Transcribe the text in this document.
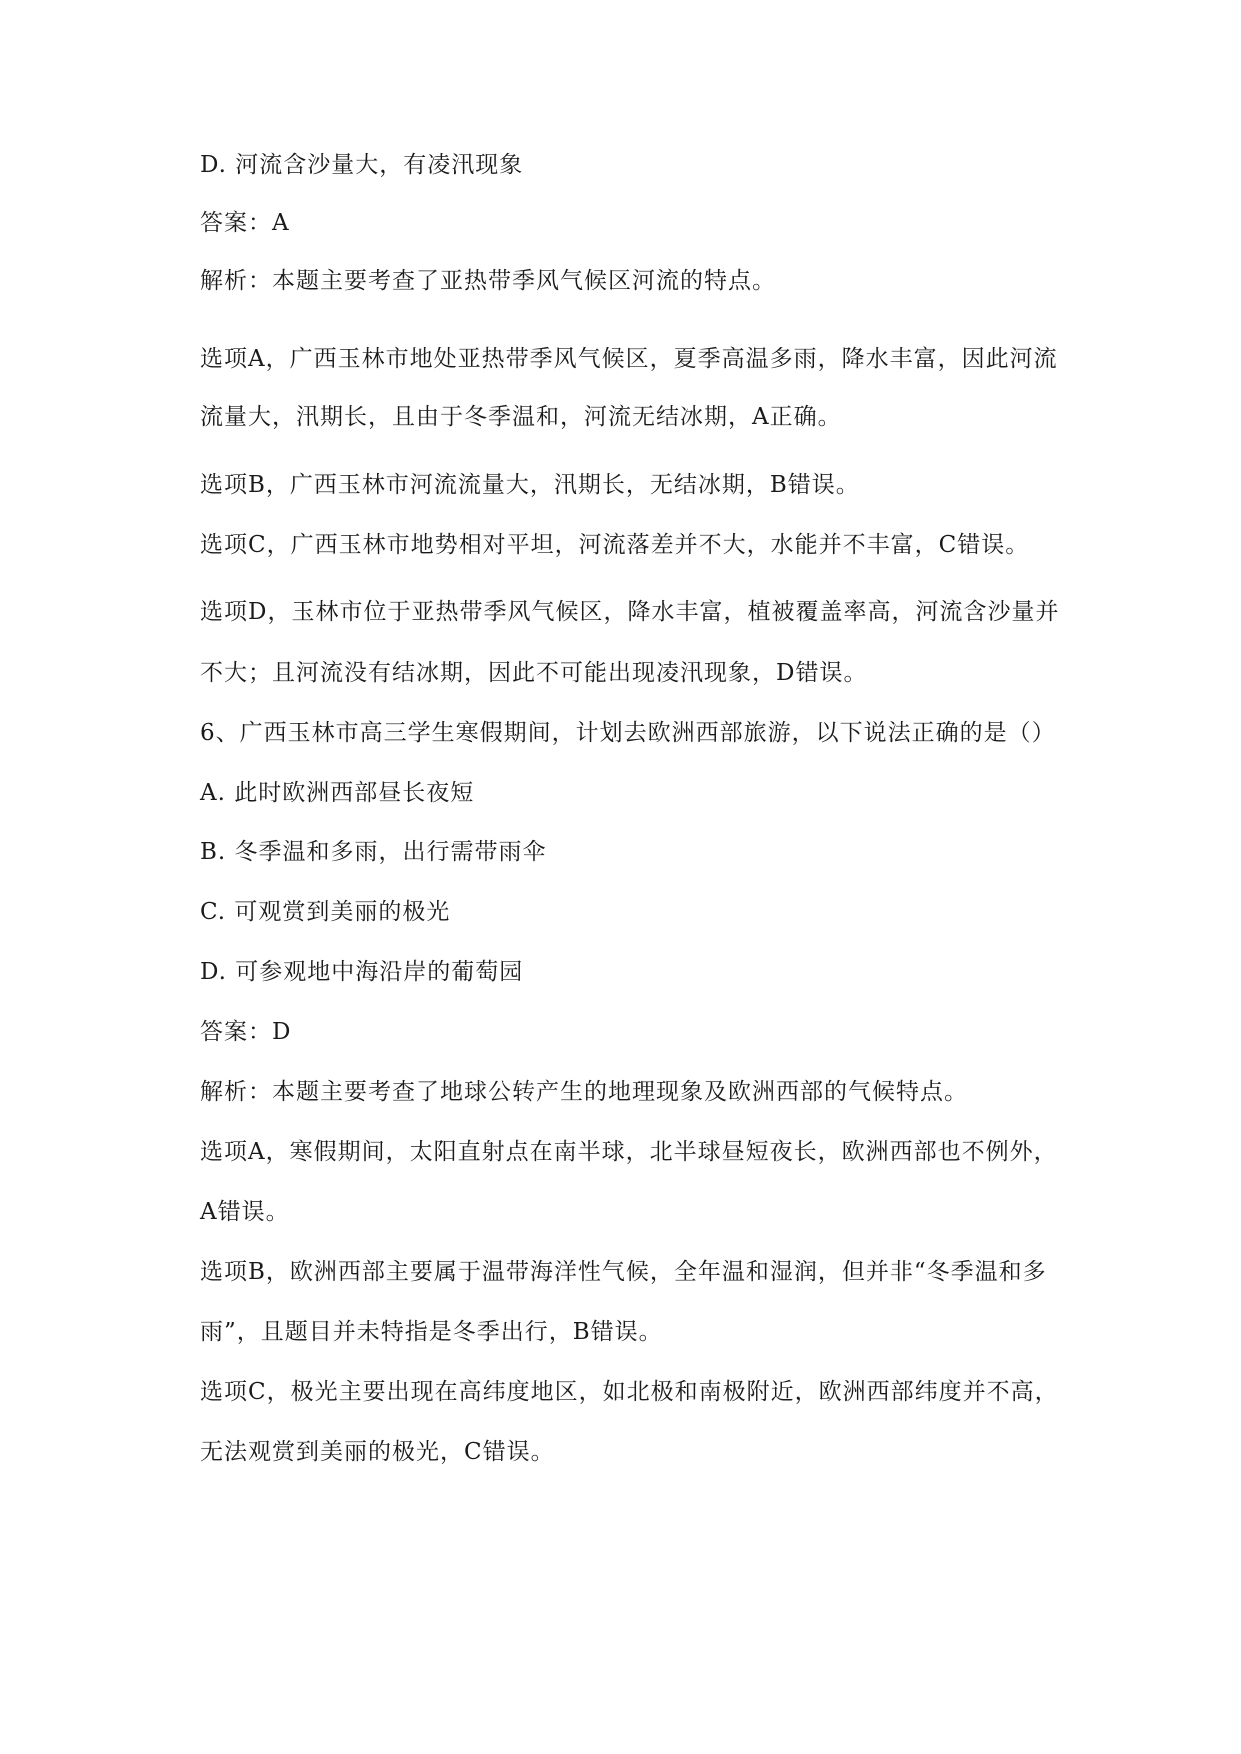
D. 河流含沙量大，有凌汛现象
答案：A
解析：本题主要考查了亚热带季风气候区河流的特点。
选项A，广西玉林市地处亚热带季风气候区，夏季高温多雨，降水丰富，因此河流
流量大，汛期长，且由于冬季温和，河流无结冰期，A正确。
选项B，广西玉林市河流流量大，汛期长，无结冰期，B错误。
选项C，广西玉林市地势相对平坦，河流落差并不大，水能并不丰富，C错误。
选项D，玉林市位于亚热带季风气候区，降水丰富，植被覆盖率高，河流含沙量并
不大；且河流没有结冰期，因此不可能出现凌汛现象，D错误。
6、广西玉林市高三学生寒假期间，计划去欧洲西部旅游，以下说法正确的是（）
A. 此时欧洲西部昼长夜短
B. 冬季温和多雨，出行需带雨伞
C. 可观赏到美丽的极光
D. 可参观地中海沿岸的葡萄园
答案：D
解析：本题主要考查了地球公转产生的地理现象及欧洲西部的气候特点。
选项A，寒假期间，太阳直射点在南半球，北半球昼短夜长，欧洲西部也不例外，
A错误。
选项B，欧洲西部主要属于温带海洋性气候，全年温和湿润，但并非“冬季温和多
雨”，且题目并未特指是冬季出行，B错误。
选项C，极光主要出现在高纬度地区，如北极和南极附近，欧洲西部纬度并不高，
无法观赏到美丽的极光，C错误。
